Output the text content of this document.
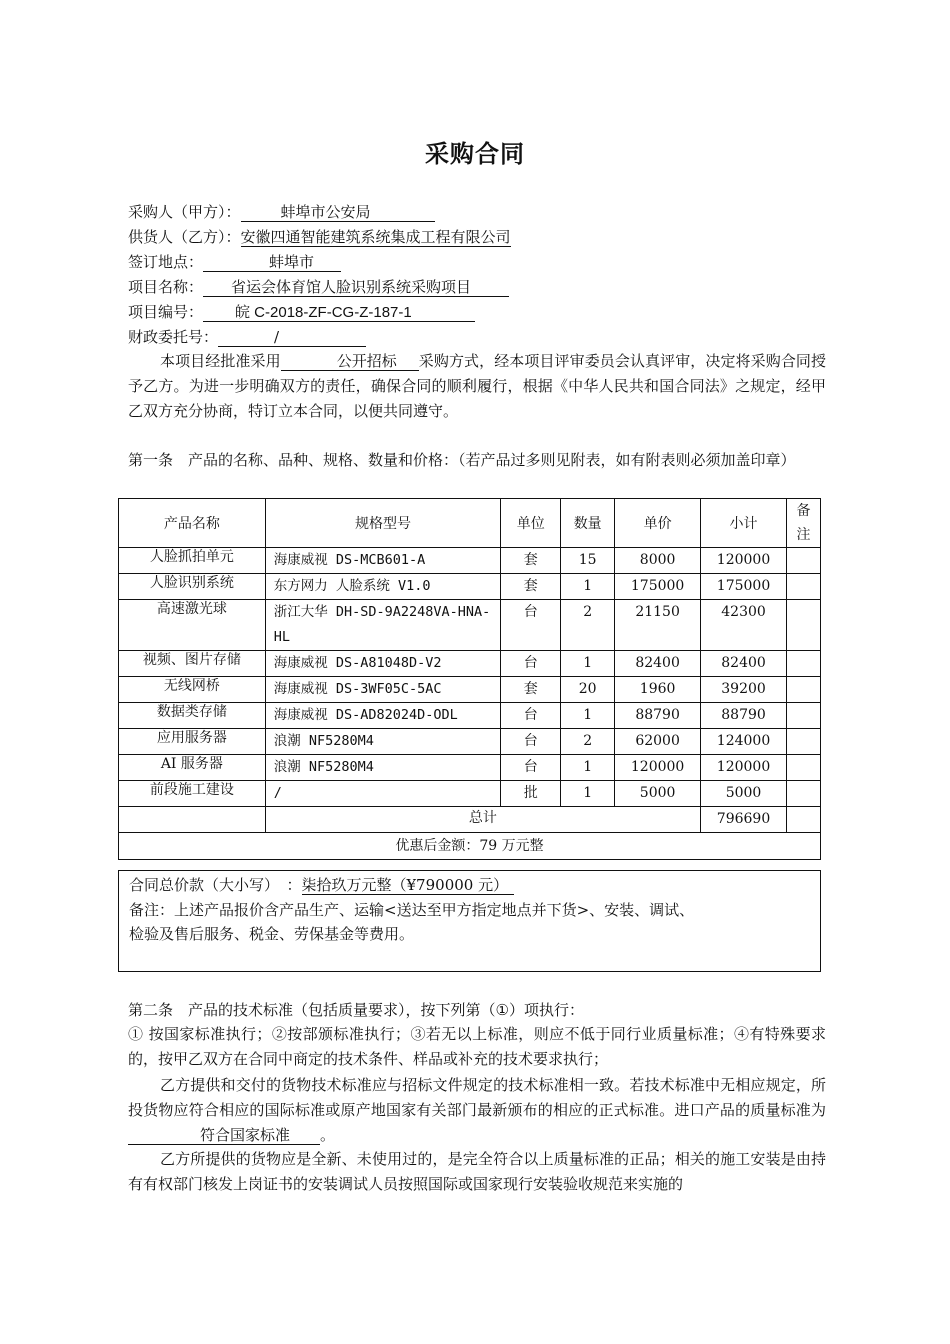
采购合同
采购人（甲方）：	蚌埠市公安局
供货人（乙方）：安徽四通智能建筑系统集成工程有限公司
签订地点：	蚌埠市
项目名称： 省运会体育馆人脸识别系统采购项目
项目编号： 皖 C-2018-ZF-CG-Z-187-1
财政委托号：	/
本项目经批准采用	公开招标 采购方式，经本项目评审委员会认真评审，决定将采购合同授予乙方。为进一步明确双方的责任，确保合同的顺利履行，根据《中华人民共和国合同法》之规定，经甲乙双方充分协商，特订立本合同，以便共同遵守。
第一条　产品的名称、品种、规格、数量和价格：（若产品过多则见附表，如有附表则必须加盖印章）
产品名称	规格型号	单位	数量	单价	小计	备注
人脸抓拍单元	海康威视 DS-MCB601-A	套	15	8000	120000	
人脸识别系统	东方网力 人脸系统 V1.0	套	1	175000	175000	
高速激光球	浙江大华 DH-SD-9A2248VA-HNA-HL	台	2	21150	42300	
视频、图片存储	海康威视 DS-A81048D-V2	台	1	82400	82400	
无线网桥	海康威视 DS-3WF05C-5AC	套	20	1960	39200	
数据类存储	海康威视 DS-AD82024D-ODL	台	1	88790	88790	
应用服务器	浪潮 NF5280M4	台	2	62000	124000	
AI 服务器	浪潮 NF5280M4	台	1	120000	120000	
前段施工建设	/	批	1	5000	5000	
	总计				796690	
优惠后金额：79 万元整						
合同总价款（大小写）　：柒拾玖万元整（¥790000 元）
备注：上述产品报价含产品生产、运输<送达至甲方指定地点并下货>、安装、调试、
检验及售后服务、税金、劳保基金等费用。
第二条　产品的技术标准（包括质量要求），按下列第（①）项执行：
① 按国家标准执行；②按部颁标准执行；③若无以上标准，则应不低于同行业质量标准；④有特殊要求的，按甲乙双方在合同中商定的技术条件、样品或补充的技术要求执行；
乙方提供和交付的货物技术标准应与招标文件规定的技术标准相一致。若技术标准中无相应规定，所投货物应符合相应的国际标准或原产地国家有关部门最新颁布的相应的正式标准。进口产品的质量标准为符合国家标准 。
乙方所提供的货物应是全新、未使用过的，是完全符合以上质量标准的正品；相关的施工安装是由持有有权部门核发上岗证书的安装调试人员按照国际或国家现行安装验收规范来实施的
